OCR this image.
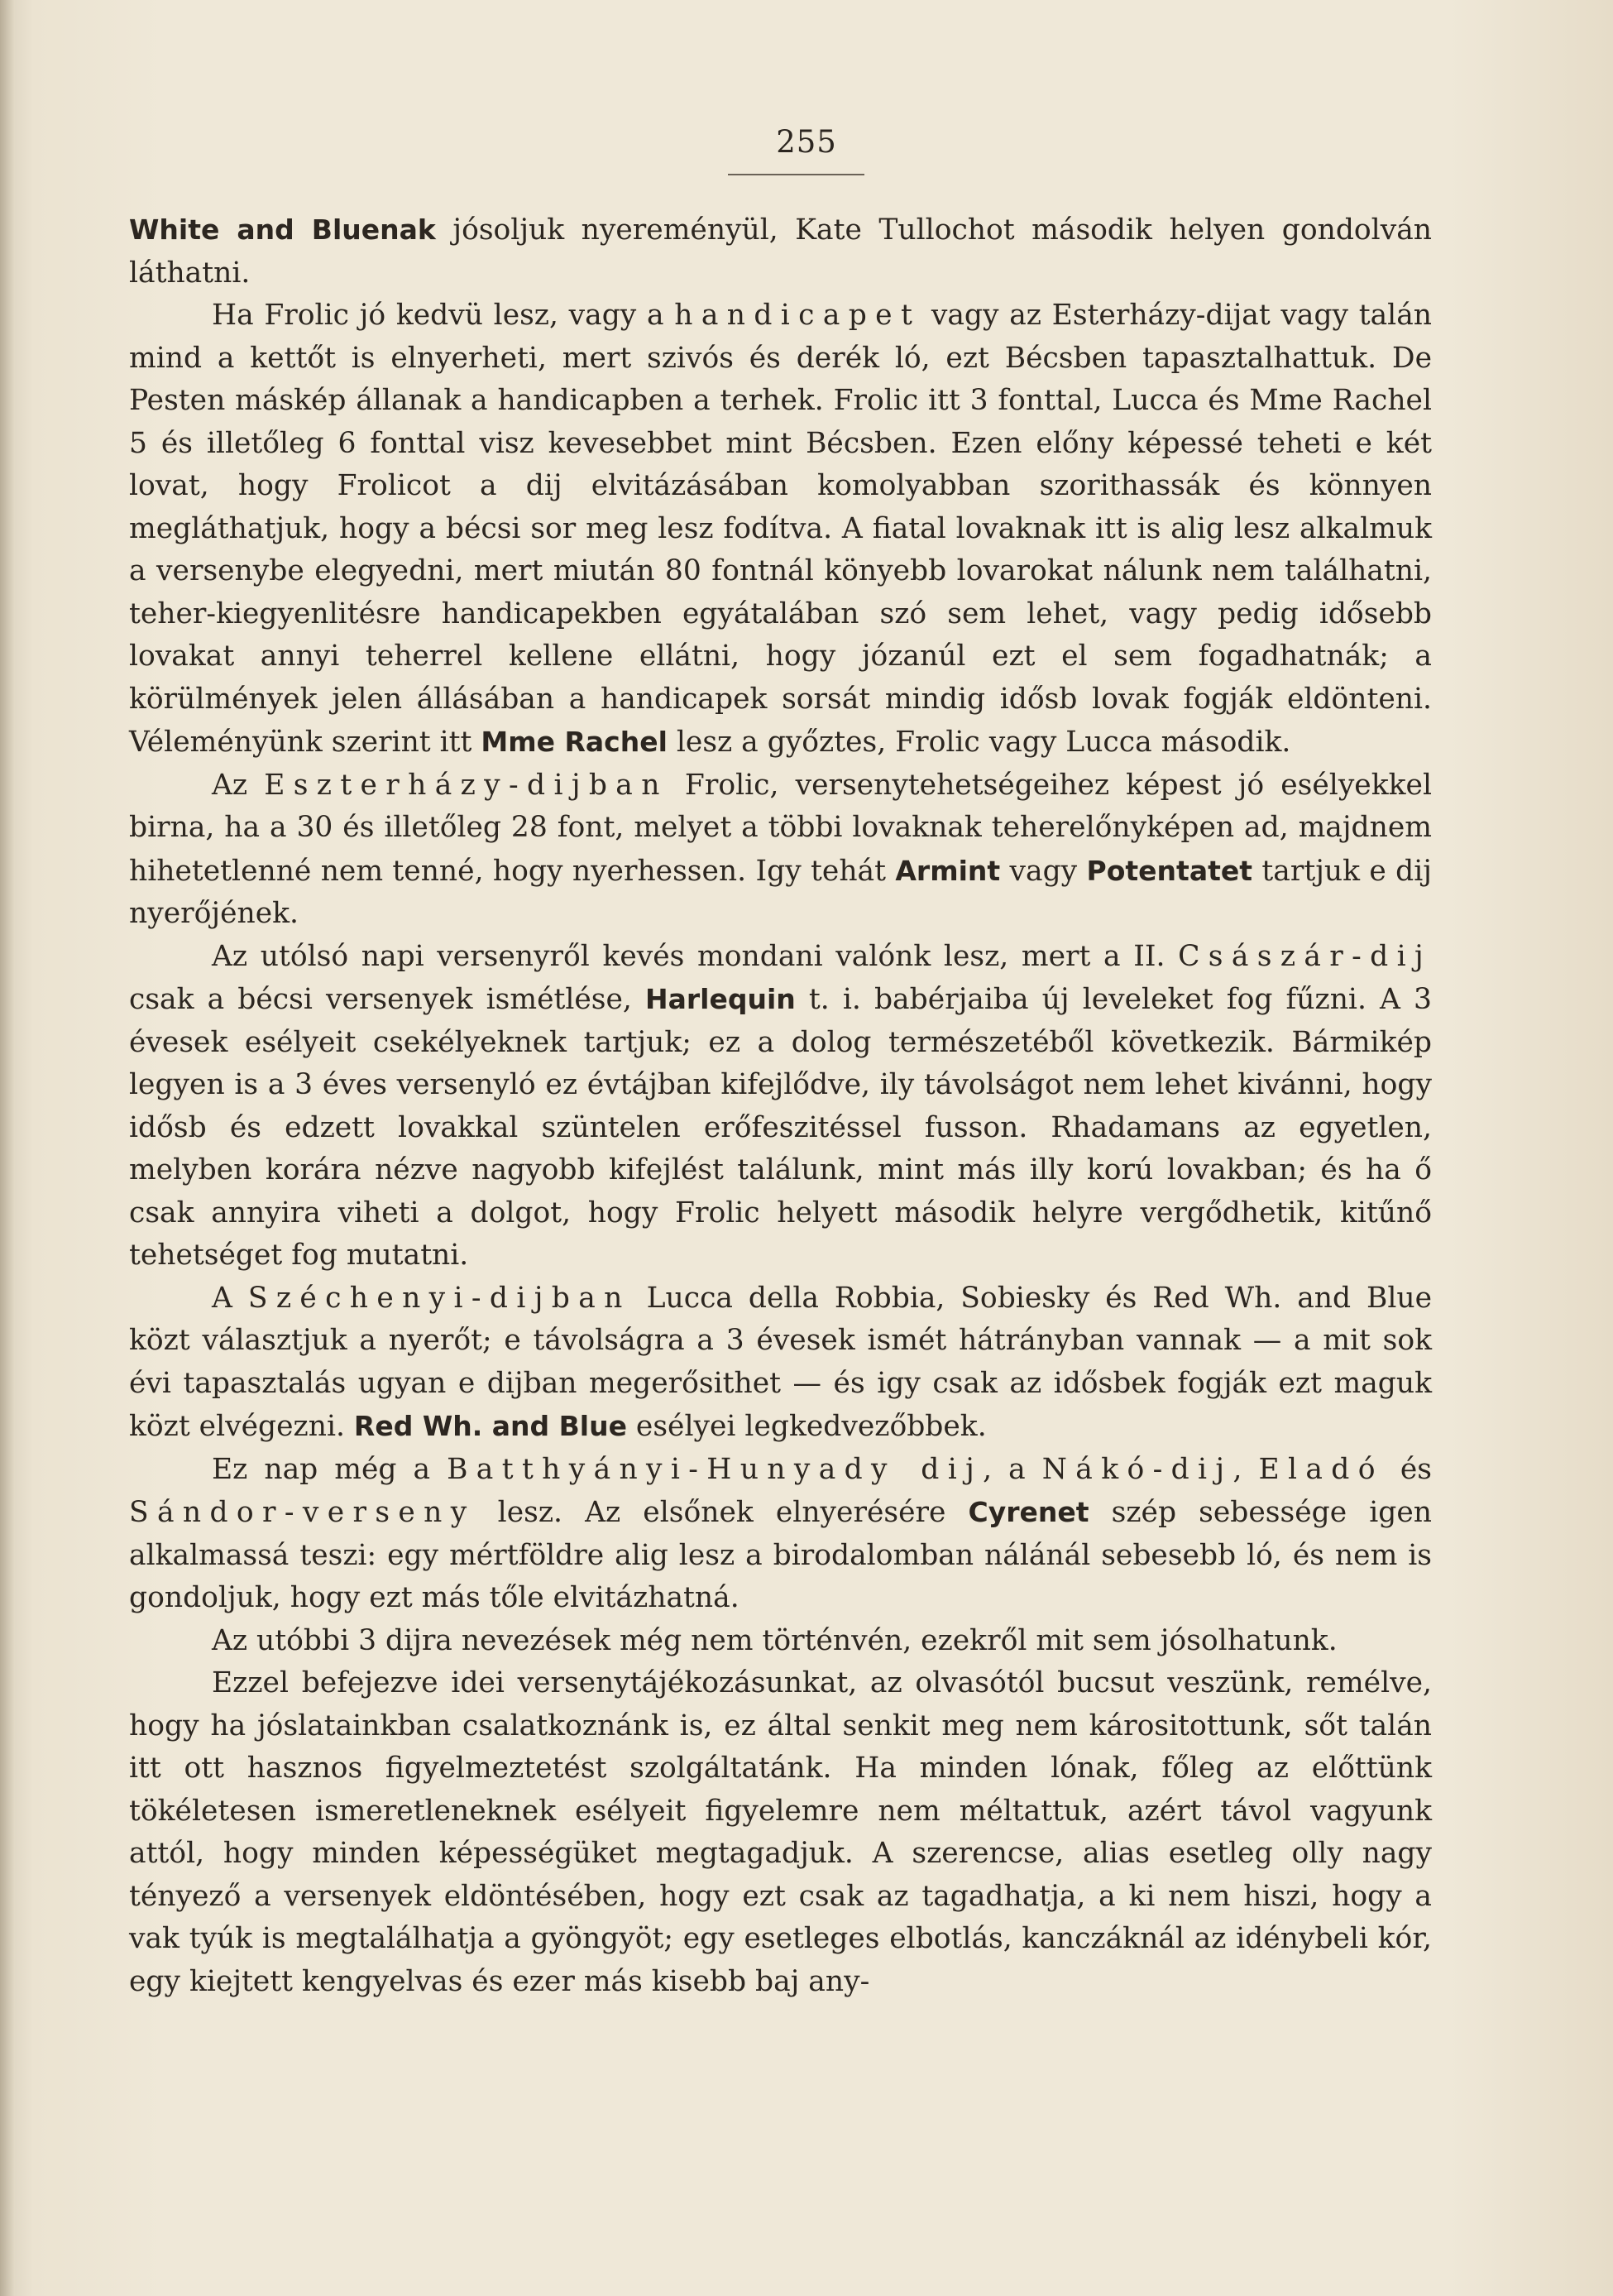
255

White and Bluenak jósoljuk nyereményül, Kate Tullochot második helyen gondolván láthatni.

Ha Frolic jó kedvü lesz, vagy a handicapet vagy az Esterházy-dijat vagy talán mind a kettőt is elnyerheti, mert szivós és derék ló, ezt Bécsben tapasztalhattuk. De Pesten máskép állanak a handicapben a terhek. Frolic itt 3 fonttal, Lucca és Mme Rachel 5 és illetőleg 6 fonttal visz kevesebbet mint Bécsben. Ezen előny képessé teheti e két lovat, hogy Frolicot a dij elvitázásában komolyabban szorithassák és könnyen megláthatjuk, hogy a bécsi sor meg lesz fodítva. A fiatal lovaknak itt is alig lesz alkalmuk a versenybe elegyedni, mert miután 80 fontnál könyebb lovarokat nálunk nem találhatni, teher-kiegyenlitésre handicapekben egyátalában szó sem lehet, vagy pedig idősebb lovakat annyi teherrel kellene ellátni, hogy józanúl ezt el sem fogadhatnák; a körülmények jelen állásában a handicapek sorsát mindig idősb lovak fogják eldönteni. Véleményünk szerint itt Mme Rachel lesz a győztes, Frolic vagy Lucca második.

Az Eszterházy-dijban Frolic, versenytehetségeihez képest jó esélyekkel birna, ha a 30 és illetőleg 28 font, melyet a többi lovaknak teherelőnyképen ad, majdnem hihetetlenné nem tenné, hogy nyerhessen. Igy tehát Armint vagy Potentatet tartjuk e dij nyerőjének.

Az utólsó napi versenyről kevés mondani valónk lesz, mert a II. Császár-dij csak a bécsi versenyek ismétlése, Harlequin t. i. babérjaiba új leveleket fog fűzni. A 3 évesek esélyeit csekélyeknek tartjuk; ez a dolog természetéből következik. Bármikép legyen is a 3 éves versenyló ez évtájban kifejlődve, ily távolságot nem lehet kivánni, hogy idősb és edzett lovakkal szüntelen erőfeszitéssel fusson. Rhadamans az egyetlen, melyben korára nézve nagyobb kifejlést találunk, mint más illy korú lovakban; és ha ő csak annyira viheti a dolgot, hogy Frolic helyett második helyre vergődhetik, kitűnő tehetséget fog mutatni.

A Széchenyi-dijban Lucca della Robbia, Sobiesky és Red Wh. and Blue közt választjuk a nyerőt; e távolságra a 3 évesek ismét hátrányban vannak — a mit sok évi tapasztalás ugyan e dijban megerősithet — és igy csak az idősbek fogják ezt maguk közt elvégezni. Red Wh. and Blue esélyei legkedvezőbbek.

Ez nap még a Batthyányi-Hunyady dij, a Nákó-dij, Eladó és Sándor-verseny lesz. Az elsőnek elnyerésére Cyrenet szép sebessége igen alkalmassá teszi: egy mértföldre alig lesz a birodalomban nálánál sebesebb ló, és nem is gondoljuk, hogy ezt más tőle elvitázhatná.

Az utóbbi 3 dijra nevezések még nem történvén, ezekről mit sem jósolhatunk.

Ezzel befejezve idei versenytájékozásunkat, az olvasótól bucsut veszünk, remélve, hogy ha jóslatainkban csalatkoznánk is, ez által senkit meg nem kárositottunk, sőt talán itt ott hasznos figyelmeztetést szolgáltatánk. Ha minden lónak, főleg az előttünk tökéletesen ismeretleneknek esélyeit figyelemre nem méltattuk, azért távol vagyunk attól, hogy minden képességüket megtagadjuk. A szerencse, alias esetleg olly nagy tényező a versenyek eldöntésében, hogy ezt csak az tagadhatja, a ki nem hiszi, hogy a vak tyúk is megtalálhatja a gyöngyöt; egy esetleges elbotlás, kanczáknál az idénybeli kór, egy kiejtett kengyelvas és ezer más kisebb baj any-
